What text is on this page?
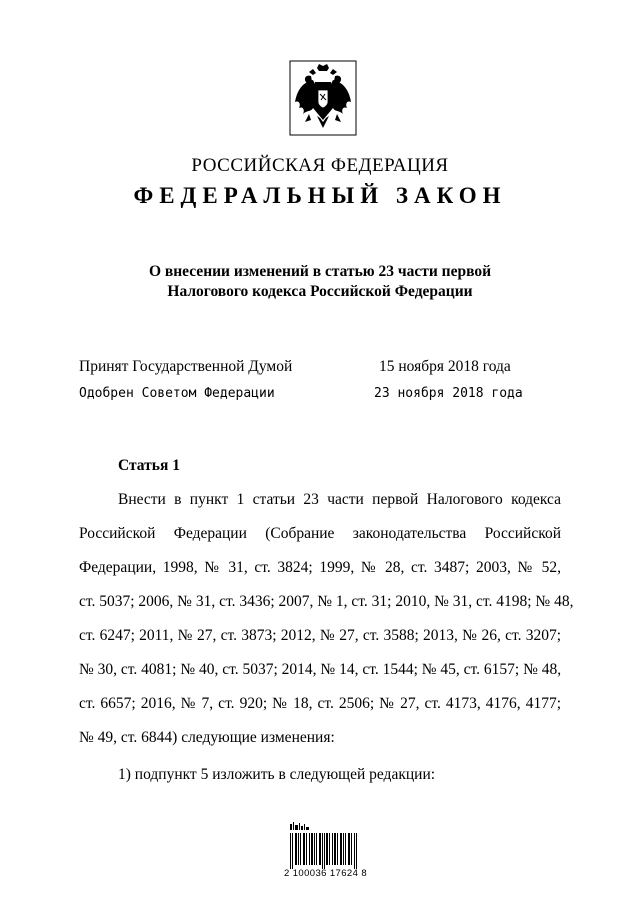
РОССИЙСКАЯ ФЕДЕРАЦИЯ
ФЕДЕРАЛЬНЫЙ ЗАКОН
О внесении изменений в статью 23 части первой
Налогового кодекса Российской Федерации
Принят Государственной Думой	15 ноября 2018 года
Одобрен Советом Федерации	23 ноября 2018 года
Статья 1
Внести в пункт 1 статьи 23 части первой Налогового кодекса
Российской Федерации (Собрание законодательства Российской
Федерации, 1998, № 31, ст. 3824; 1999, № 28, ст. 3487; 2003, № 52,
ст. 5037; 2006, № 31, ст. 3436; 2007, № 1, ст. 31; 2010, № 31, ст. 4198; № 48,
ст. 6247; 2011, № 27, ст. 3873; 2012, № 27, ст. 3588; 2013, № 26, ст. 3207;
№ 30, ст. 4081; № 40, ст. 5037; 2014, № 14, ст. 1544; № 45, ст. 6157; № 48,
ст. 6657; 2016, № 7, ст. 920; № 18, ст. 2506; № 27, ст. 4173, 4176, 4177;
№ 49, ст. 6844) следующие изменения:
1) подпункт 5 изложить в следующей редакции:
2 100036 17624 8
